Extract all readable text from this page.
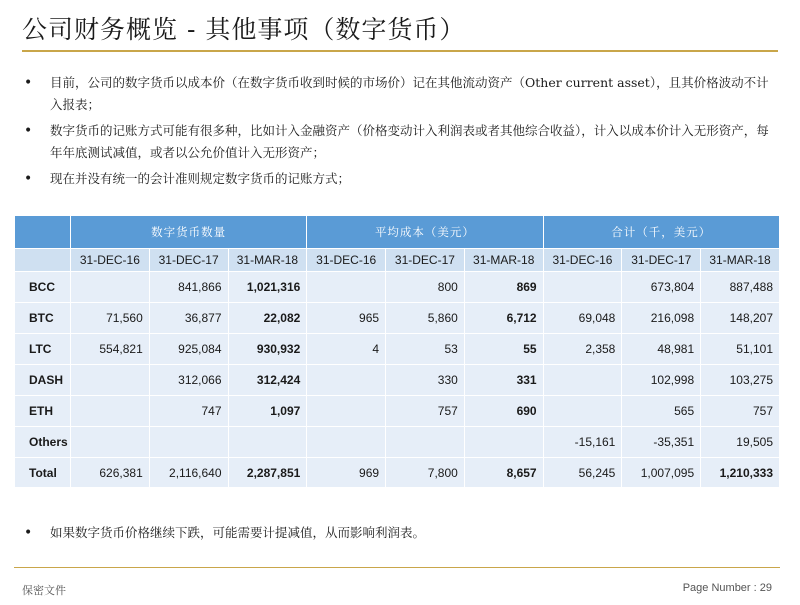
公司财务概览 - 其他事项（数字货币）
• 目前，公司的数字货币以成本价（在数字货币收到时候的市场价）记在其他流动资产（Other current asset），且其价格波动不计入报表；
• 数字货币的记账方式可能有很多种，比如计入金融资产（价格变动计入利润表或者其他综合收益），计入以成本价计入无形资产，每年年底测试减值，或者以公允价值计入无形资产；
• 现在并没有统一的会计准则规定数字货币的记账方式；
	数字货币数量			平均成本（美元）			合计（千，美元）		
	31-DEC-16	31-DEC-17	31-MAR-18	31-DEC-16	31-DEC-17	31-MAR-18	31-DEC-16	31-DEC-17	31-MAR-18
BCC		841,866	1,021,316		800	869		673,804	887,488
BTC	71,560	36,877	22,082	965	5,860	6,712	69,048	216,098	148,207
LTC	554,821	925,084	930,932	4	53	55	2,358	48,981	51,101
DASH		312,066	312,424		330	331		102,998	103,275
ETH		747	1,097		757	690		565	757
Others							-15,161	-35,351	19,505
Total	626,381	2,116,640	2,287,851	969	7,800	8,657	56,245	1,007,095	1,210,333
• 如果数字货币价格继续下跌，可能需要计提减值，从而影响利润表。
保密文件	Page Number : 29
